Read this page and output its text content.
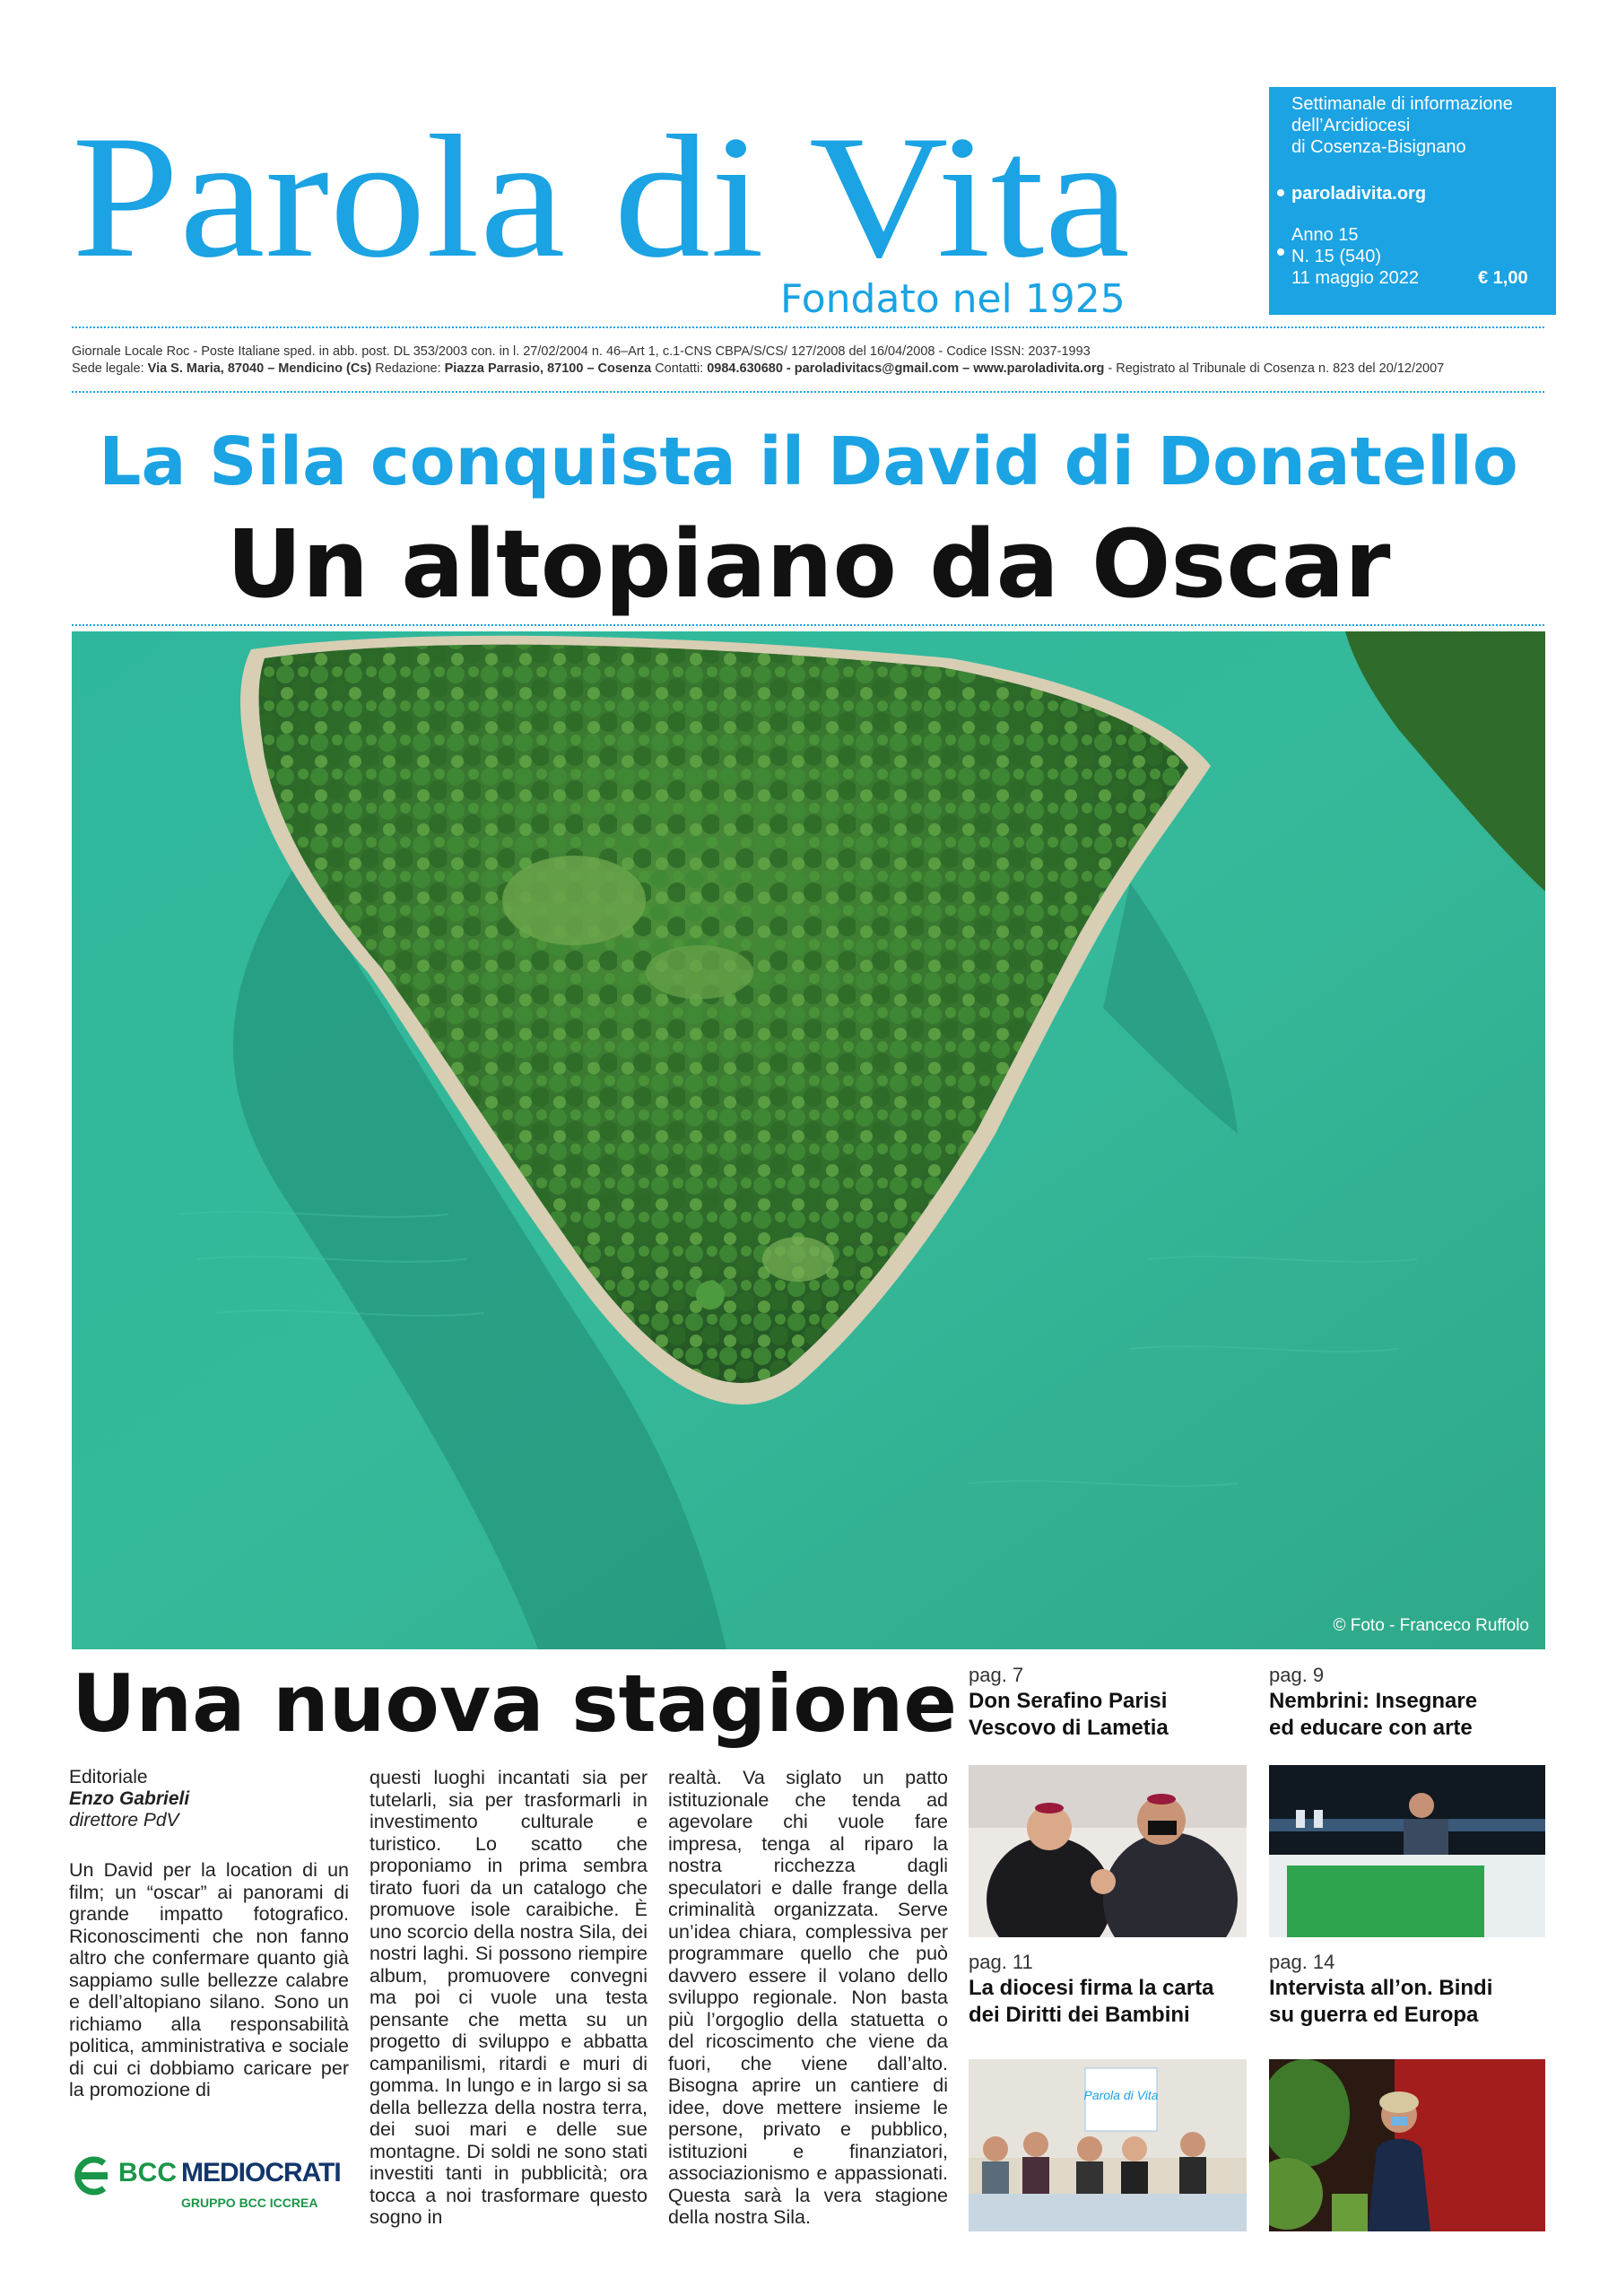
Parola di Vita
Fondato nel 1925
Settimanale di informazione
dell’Arcidiocesi
di Cosenza-Bisignano
paroladivita.org
Anno 15
N. 15 (540)
11 maggio 2022	€ 1,00
Giornale Locale Roc - Poste Italiane sped. in abb. post. DL 353/2003 con. in l. 27/02/2004 n. 46–Art 1, c.1-CNS CBPA/S/CS/ 127/2008 del 16/04/2008 - Codice ISSN: 2037-1993
Sede legale: Via S. Maria, 87040 – Mendicino (Cs) Redazione: Piazza Parrasio, 87100 – Cosenza Contatti: 0984.630680 - paroladivitacs@gmail.com – www.paroladivita.org - Registrato al Tribunale di Cosenza n. 823 del 20/12/2007
La Sila conquista il David di Donatello
Un altopiano da Oscar
© Foto - Franceco Ruffolo
Una nuova stagione
Editoriale
Enzo Gabrieli
direttore PdV
Un David per la location di un film; un “oscar” ai panorami di grande impatto fotografico. Riconoscimenti che non fanno altro che confermare quanto già sappiamo sulle bellezze calabre e dell’altopiano silano. Sono un richiamo alla responsabilità politica, amministrativa e sociale di cui ci dobbiamo caricare per la promozione di
questi luoghi incantati sia per tutelarli, sia per trasformarli in investimento culturale e turistico. Lo scatto che proponiamo in prima sembra tirato fuori da un catalogo che promuove isole caraibiche. È uno scorcio della nostra Sila, dei nostri laghi. Si possono riempire album, promuovere convegni ma poi ci vuole una testa pensante che metta su un progetto di sviluppo e abbatta campanilismi, ritardi e muri di gomma. In lungo e in largo si sa della bellezza della nostra terra, dei suoi mari e delle sue montagne. Di soldi ne sono stati investiti tanti in pubblicità; ora tocca a noi trasformare questo sogno in
realtà. Va siglato un patto istituzionale che tenda ad agevolare chi vuole fare impresa, tenga al riparo la nostra ricchezza dagli speculatori e dalle frange della criminalità organizzata. Serve un’idea chiara, complessiva per programmare quello che può davvero essere il volano dello sviluppo regionale. Non basta più l’orgoglio della statuetta o del ricoscimento che viene da fuori, che viene dall’alto. Bisogna aprire un cantiere di idee, dove mettere insieme le persone, privato e pubblico, istituzioni e finanziatori, associazionismo e appassionati. Questa sarà la vera stagione della nostra Sila.
BCC MEDIOCRATI
GRUPPO BCC ICCREA
pag. 7
Don Serafino Parisi
Vescovo di Lametia
pag. 9
Nembrini: Insegnare
ed educare con arte
pag. 11
La diocesi firma la carta
dei Diritti dei Bambini
Parola di Vita
pag. 14
Intervista all’on. Bindi
su guerra ed Europa
